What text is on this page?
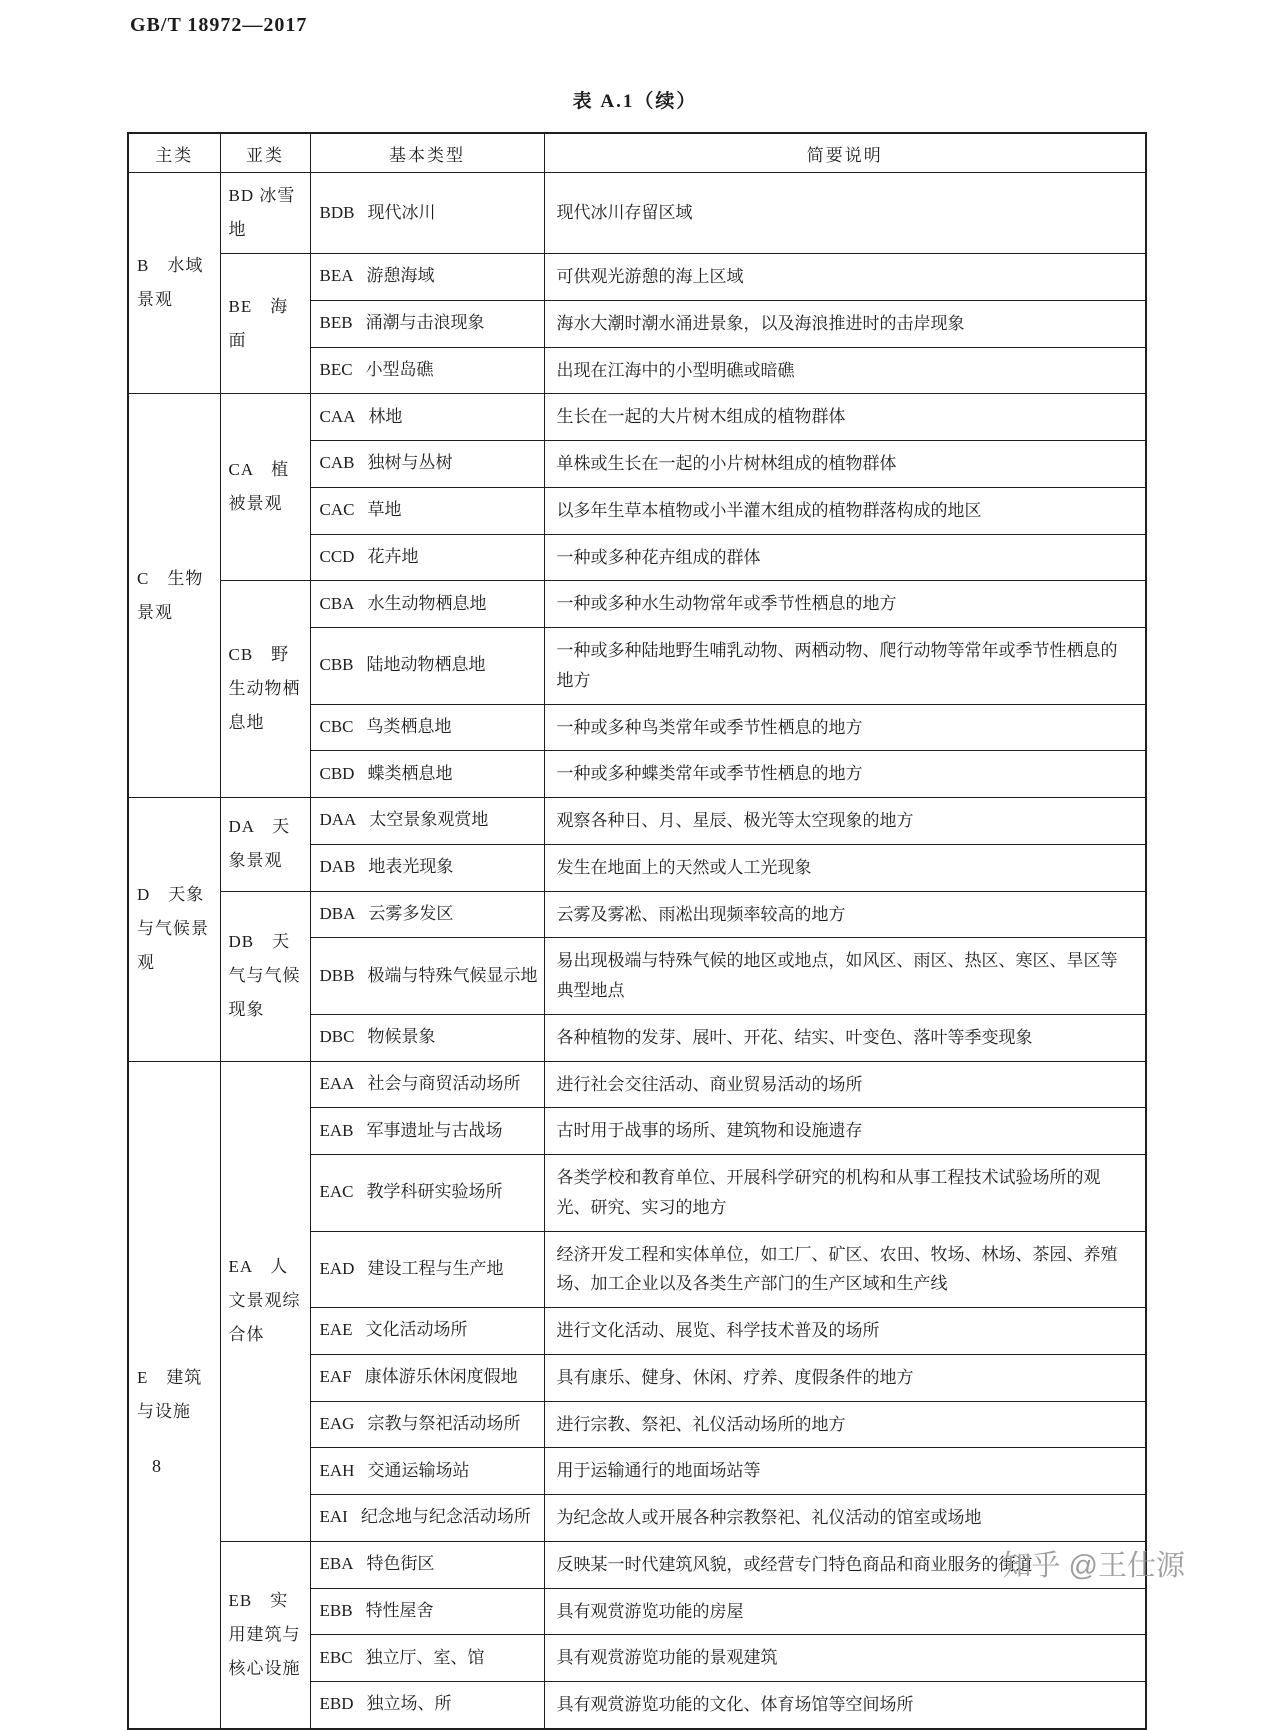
GB/T 18972—2017
表 A.1（续）
主类	亚类	基本类型	简要说明
B　水域景观	BD 冰雪地	BDB 现代冰川	现代冰川存留区域
	BE　海面	BEA 游憩海域	可供观光游憩的海上区域
		BEB 涌潮与击浪现象	海水大潮时潮水涌进景象，以及海浪推进时的击岸现象
		BEC 小型岛礁	出现在江海中的小型明礁或暗礁
C　生物景观	CA　植被景观	CAA 林地	生长在一起的大片树木组成的植物群体
		CAB 独树与丛树	单株或生长在一起的小片树林组成的植物群体
		CAC 草地	以多年生草本植物或小半灌木组成的植物群落构成的地区
		CCD 花卉地	一种或多种花卉组成的群体
	CB　野生动物栖息地	CBA 水生动物栖息地	一种或多种水生动物常年或季节性栖息的地方
		CBB 陆地动物栖息地	一种或多种陆地野生哺乳动物、两栖动物、爬行动物等常年或季节性栖息的地方
		CBC 鸟类栖息地	一种或多种鸟类常年或季节性栖息的地方
		CBD 蝶类栖息地	一种或多种蝶类常年或季节性栖息的地方
D　天象与气候景观	DA　天象景观	DAA 太空景象观赏地	观察各种日、月、星辰、极光等太空现象的地方
		DAB 地表光现象	发生在地面上的天然或人工光现象
	DB　天气与气候现象	DBA 云雾多发区	云雾及雾凇、雨凇出现频率较高的地方
		DBB 极端与特殊气候显示地	易出现极端与特殊气候的地区或地点，如风区、雨区、热区、寒区、旱区等典型地点
		DBC 物候景象	各种植物的发芽、展叶、开花、结实、叶变色、落叶等季变现象
E　建筑与设施	EA　人文景观综合体	EAA 社会与商贸活动场所	进行社会交往活动、商业贸易活动的场所
		EAB 军事遗址与古战场	古时用于战事的场所、建筑物和设施遗存
		EAC 教学科研实验场所	各类学校和教育单位、开展科学研究的机构和从事工程技术试验场所的观光、研究、实习的地方
		EAD 建设工程与生产地	经济开发工程和实体单位，如工厂、矿区、农田、牧场、林场、茶园、养殖场、加工企业以及各类生产部门的生产区域和生产线
		EAE 文化活动场所	进行文化活动、展览、科学技术普及的场所
		EAF 康体游乐休闲度假地	具有康乐、健身、休闲、疗养、度假条件的地方
		EAG 宗教与祭祀活动场所	进行宗教、祭祀、礼仪活动场所的地方
		EAH 交通运输场站	用于运输通行的地面场站等
		EAI 纪念地与纪念活动场所	为纪念故人或开展各种宗教祭祀、礼仪活动的馆室或场地
	EB　实用建筑与核心设施	EBA 特色街区	反映某一时代建筑风貌，或经营专门特色商品和商业服务的街道
		EBB 特性屋舍	具有观赏游览功能的房屋
		EBC 独立厅、室、馆	具有观赏游览功能的景观建筑
		EBD 独立场、所	具有观赏游览功能的文化、体育场馆等空间场所
8
知乎 @王仕源
